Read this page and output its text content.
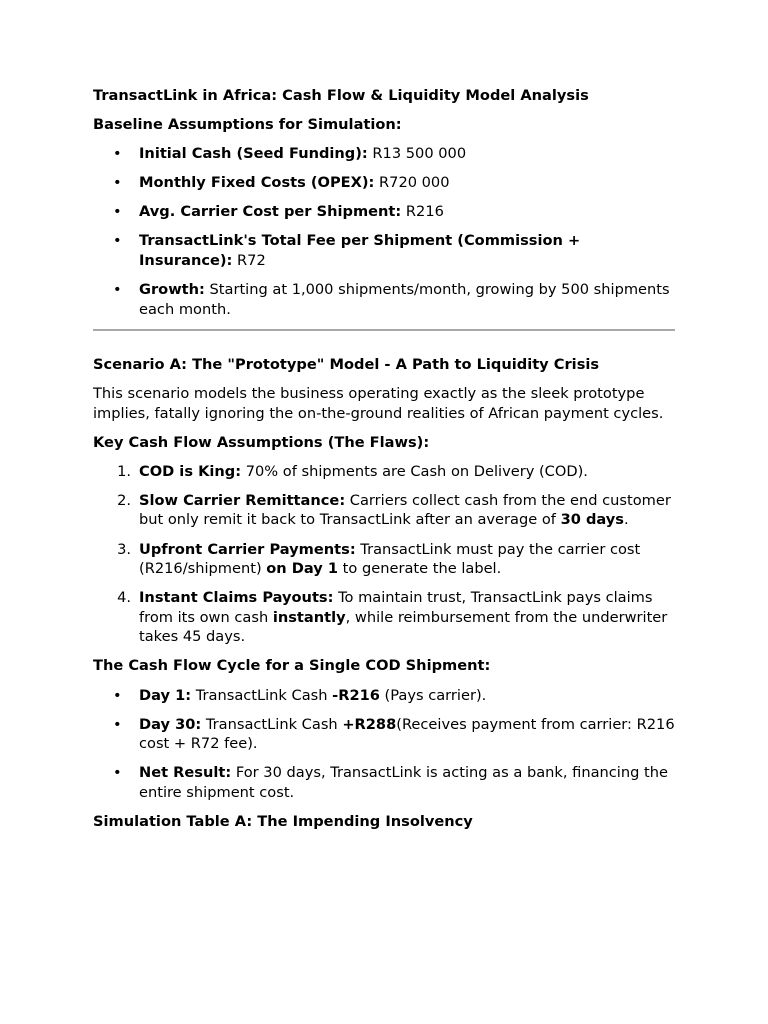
TransactLink in Africa: Cash Flow & Liquidity Model Analysis
Baseline Assumptions for Simulation:
• Initial Cash (Seed Funding): R13 500 000
• Monthly Fixed Costs (OPEX): R720 000
• Avg. Carrier Cost per Shipment: R216
• TransactLink's Total Fee per Shipment (Commission + Insurance): R72
• Growth: Starting at 1,000 shipments/month, growing by 500 shipments each month.
Scenario A: The "Prototype" Model - A Path to Liquidity Crisis
This scenario models the business operating exactly as the sleek prototype implies, fatally ignoring the on-the-ground realities of African payment cycles.
Key Cash Flow Assumptions (The Flaws):
1. COD is King: 70% of shipments are Cash on Delivery (COD).
2. Slow Carrier Remittance: Carriers collect cash from the end customer but only remit it back to TransactLink after an average of 30 days.
3. Upfront Carrier Payments: TransactLink must pay the carrier cost (R216/shipment) on Day 1 to generate the label.
4. Instant Claims Payouts: To maintain trust, TransactLink pays claims from its own cash instantly, while reimbursement from the underwriter takes 45 days.
The Cash Flow Cycle for a Single COD Shipment:
• Day 1: TransactLink Cash -R216 (Pays carrier).
• Day 30: TransactLink Cash +R288(Receives payment from carrier: R216 cost + R72 fee).
• Net Result: For 30 days, TransactLink is acting as a bank, financing the entire shipment cost.
Simulation Table A: The Impending Insolvency
